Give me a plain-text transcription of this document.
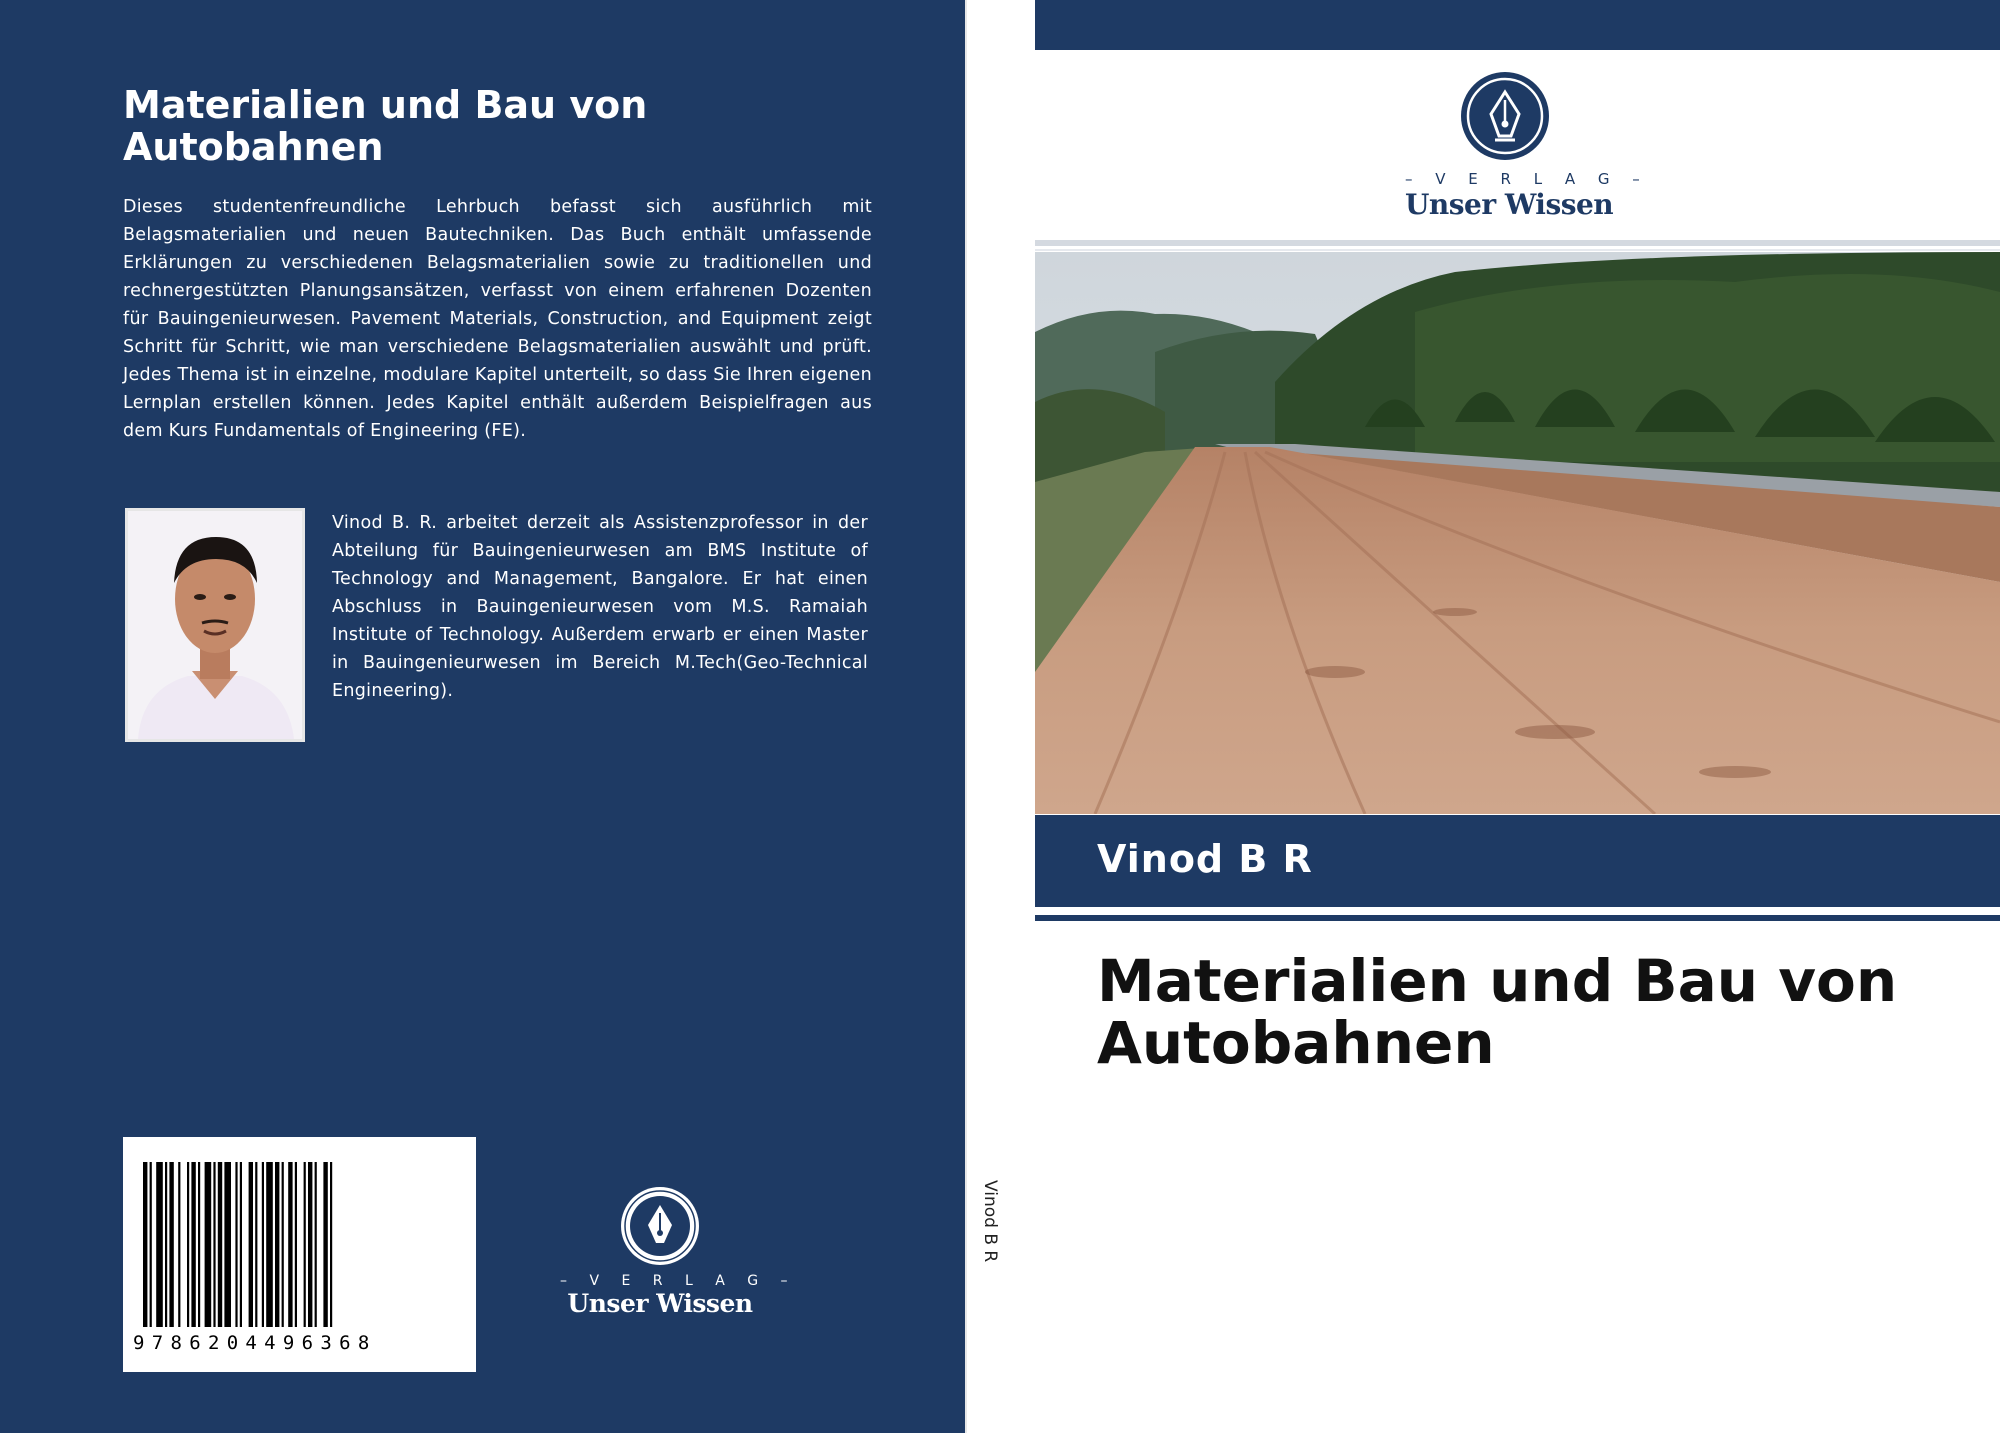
Materialien und Bau von Autobahnen

Dieses studentenfreundliche Lehrbuch befasst sich ausführlich mit Belagsmaterialien und neuen Bautechniken. Das Buch enthält umfassende Erklärungen zu verschiedenen Belagsmaterialien sowie zu traditionellen und rechnergestützten Planungsansätzen, verfasst von einem erfahrenen Dozenten für Bauingenieurwesen. Pavement Materials, Construction, and Equipment zeigt Schritt für Schritt, wie man verschiedene Belagsmaterialien auswählt und prüft. Jedes Thema ist in einzelne, modulare Kapitel unterteilt, so dass Sie Ihren eigenen Lernplan erstellen können. Jedes Kapitel enthält außerdem Beispielfragen aus dem Kurs Fundamentals of Engineering (FE).

Vinod B. R. arbeitet derzeit als Assistenzprofessor in der Abteilung für Bauingenieurwesen am BMS Institute of Technology and Management, Bangalore. Er hat einen Abschluss in Bauingenieurwesen vom M.S. Ramaiah Institute of Technology. Außerdem erwarb er einen Master in Bauingenieurwesen im Bereich M.Tech(Geo-Technical Engineering).

9786204496368
– V E R L A G –
Unser Wissen
Vinod B R
– V E R L A G –
Unser Wissen
Vinod B R
Materialien und Bau von Autobahnen
